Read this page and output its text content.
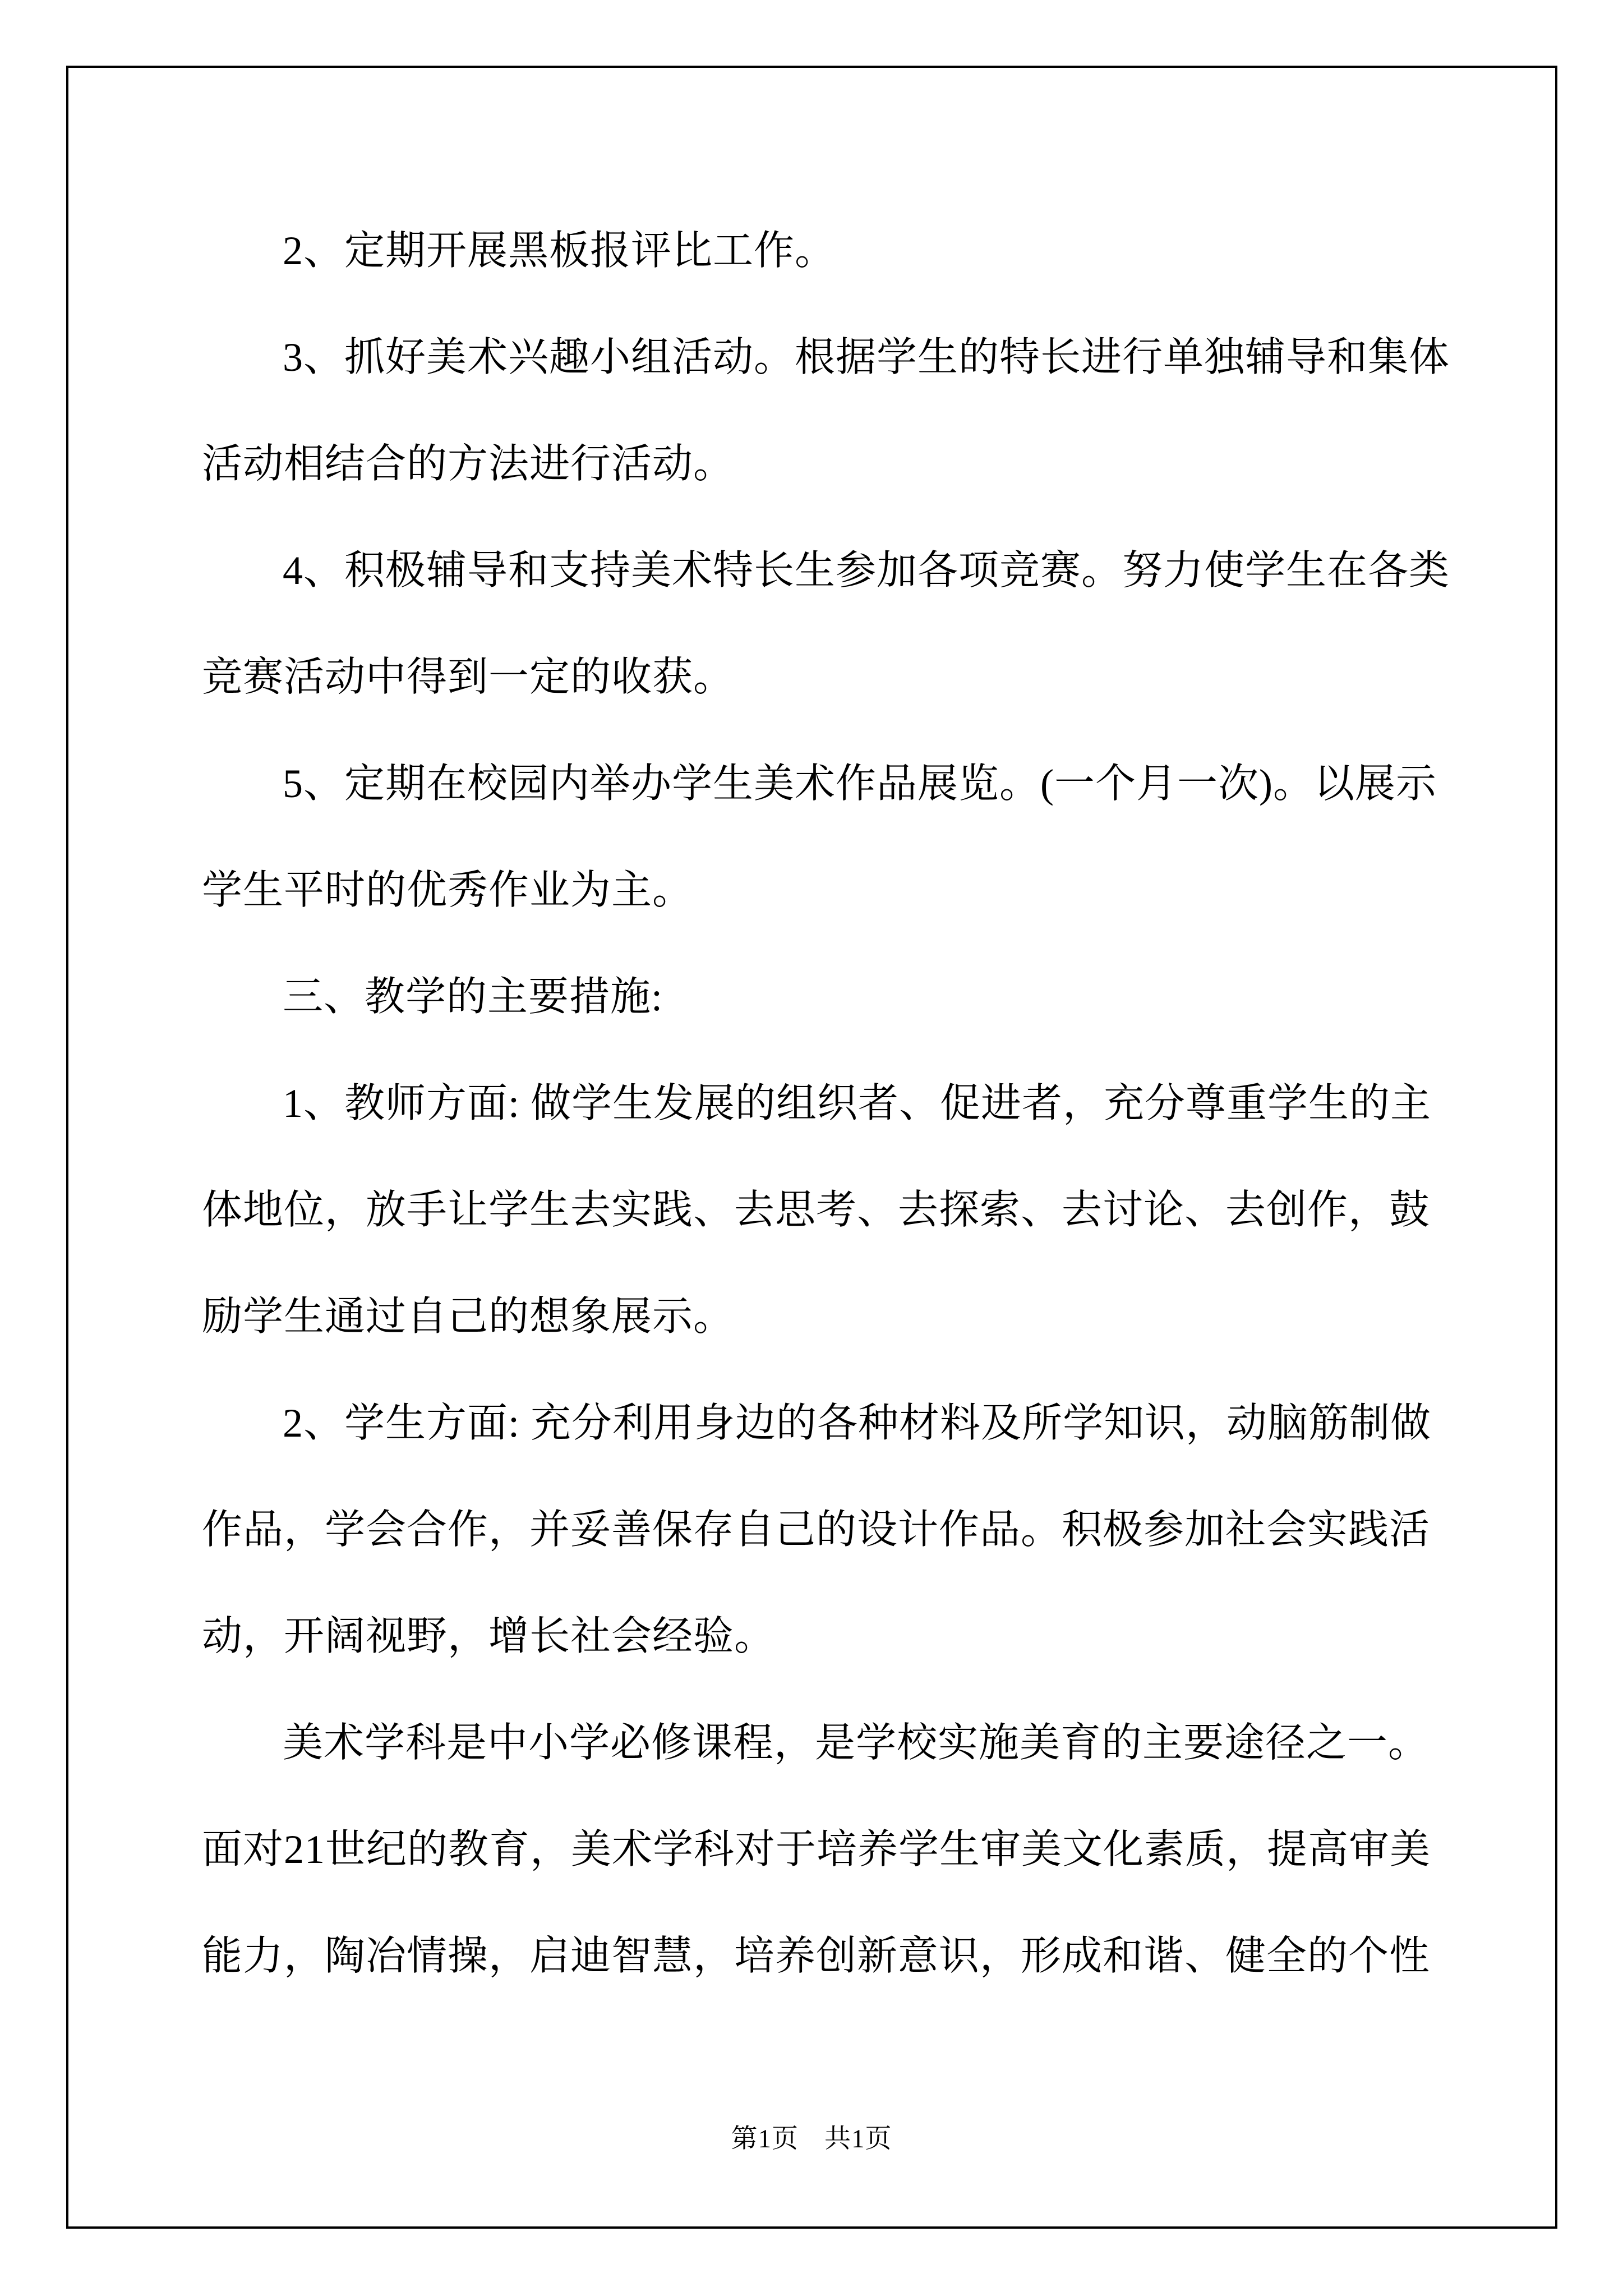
2、定期开展黑板报评比工作。
3、抓好美术兴趣小组活动。根据学生的特长进行单独辅导和集体
活动相结合的方法进行活动。
4、积极辅导和支持美术特长生参加各项竞赛。努力使学生在各类
竞赛活动中得到一定的收获。
5、定期在校园内举办学生美术作品展览。(一个月一次)。以展示
学生平时的优秀作业为主。
三、教学的主要措施:
1、教师方面: 做学生发展的组织者、促进者，充分尊重学生的主
体地位，放手让学生去实践、去思考、去探索、去讨论、去创作，鼓
励学生通过自己的想象展示。
2、学生方面: 充分利用身边的各种材料及所学知识，动脑筋制做
作品，学会合作，并妥善保存自己的设计作品。积极参加社会实践活
动，开阔视野，增长社会经验。
美术学科是中小学必修课程，是学校实施美育的主要途径之一。
面对21世纪的教育，美术学科对于培养学生审美文化素质，提高审美
能力，陶冶情操，启迪智慧，培养创新意识，形成和谐、健全的个性
第1页 共1页
